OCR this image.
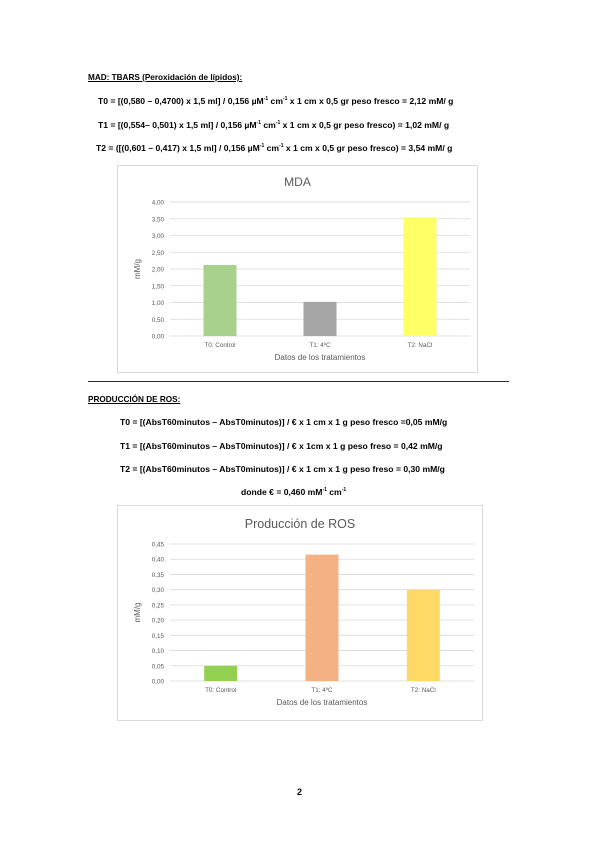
MAD: TBARS (Peroxidación de lípidos):
T0 = [(0,580 – 0,4700) x 1,5 ml] / 0,156 µM$^{-1}$ $cm^{-1}$ x 1 cm x 0,5 gr peso fresco = 2,12 mM/ g
T1 = [(0,554– 0,501) x 1,5 ml] / 0,156 µM$^{-1}$ $cm^{-1}$ x 1 cm x 0,5 gr peso fresco) = 1,02 mM/ g
T2 = ([(0,601 – 0,417) x 1,5 ml] / 0,156 µM$^{-1}$ $cm^{-1}$ x 1 cm x 0,5 gr peso fresco) = 3,54 mM/ g
MDA
0,00
0,50
1,00
1,50
2,00
2,50
3,00
3,50
4,00
T0: Control	T1: 4ºC	T2: NaCl
Datos de los tratamientos
mM/g
PRODUCCIÓN DE ROS:
T0 = [(AbsT60minutos – AbsT0minutos)] / € x 1 cm x 1 g peso fresco =0,05 mM/g
T1 = [(AbsT60minutos – AbsT0minutos)] / € x 1cm x 1 g peso freso = 0,42 mM/g
T2 = [(AbsT60minutos – AbsT0minutos)] / € x 1 cm x 1 g peso freso = 0,30 mM/g
donde € = 0,460 $mM^{-1}$ $cm^{-1}$
Producción de ROS
0,00
0,05
0,10
0,15
0,20
0,25
0,30
0,35
0,40
0,45
T0: Control	T1: 4ºC	T2: NaCl
Datos de los tratamientos
mM/g
2
